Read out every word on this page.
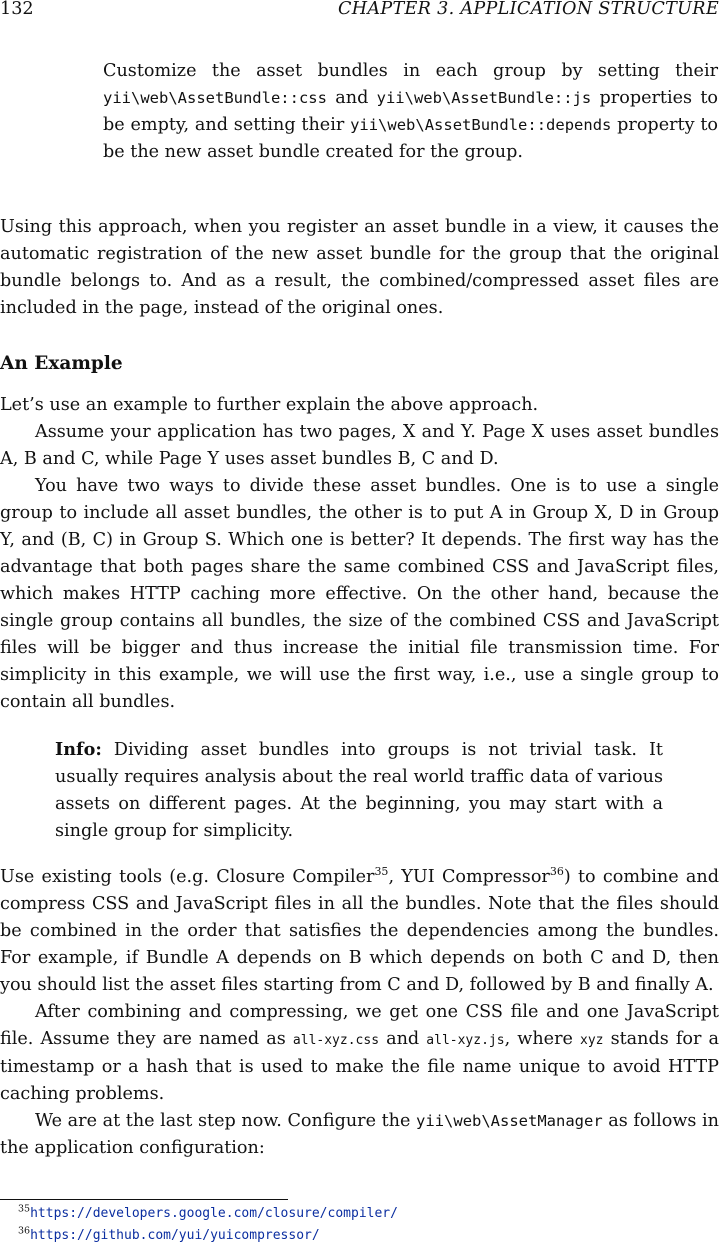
132	CHAPTER 3. APPLICATION STRUCTURE
Customize the asset bundles in each group by setting their yii\web\AssetBundle::css and yii\web\AssetBundle::js properties to be empty, and setting their yii\web\AssetBundle::depends property to be the new asset bundle created for the group.
Using this approach, when you register an asset bundle in a view, it causes the automatic registration of the new asset bundle for the group that the original bundle belongs to. And as a result, the combined/compressed asset files are included in the page, instead of the original ones.
An Example

Let’s use an example to further explain the above approach.

Assume your application has two pages, X and Y. Page X uses asset bundles A, B and C, while Page Y uses asset bundles B, C and D.

You have two ways to divide these asset bundles. One is to use a single group to include all asset bundles, the other is to put A in Group X, D in Group Y, and (B, C) in Group S. Which one is better? It depends. The first way has the advantage that both pages share the same combined CSS and JavaScript files, which makes HTTP caching more effective. On the other hand, because the single group contains all bundles, the size of the combined CSS and JavaScript files will be bigger and thus increase the initial file transmission time. For simplicity in this example, we will use the first way, i.e., use a single group to contain all bundles.

Info: Dividing asset bundles into groups is not trivial task. It usually requires analysis about the real world traffic data of various assets on different pages. At the beginning, you may start with a single group for simplicity.

Use existing tools (e.g. Closure Compiler$^{35}$, YUI Compressor$^{36}$) to combine and compress CSS and JavaScript files in all the bundles. Note that the files should be combined in the order that satisfies the dependencies among the bundles. For example, if Bundle A depends on B which depends on both C and D, then you should list the asset files starting from C and D, followed by B and finally A.

After combining and compressing, we get one CSS file and one JavaScript file. Assume they are named as all-xyz.css and all-xyz.js, where xyz stands for a timestamp or a hash that is used to make the file name unique to avoid HTTP caching problems.

We are at the last step now. Configure the yii\web\AssetManager as follows in the application configuration:

$^{35}$https://developers.google.com/closure/compiler/
$^{36}$https://github.com/yui/yuicompressor/
